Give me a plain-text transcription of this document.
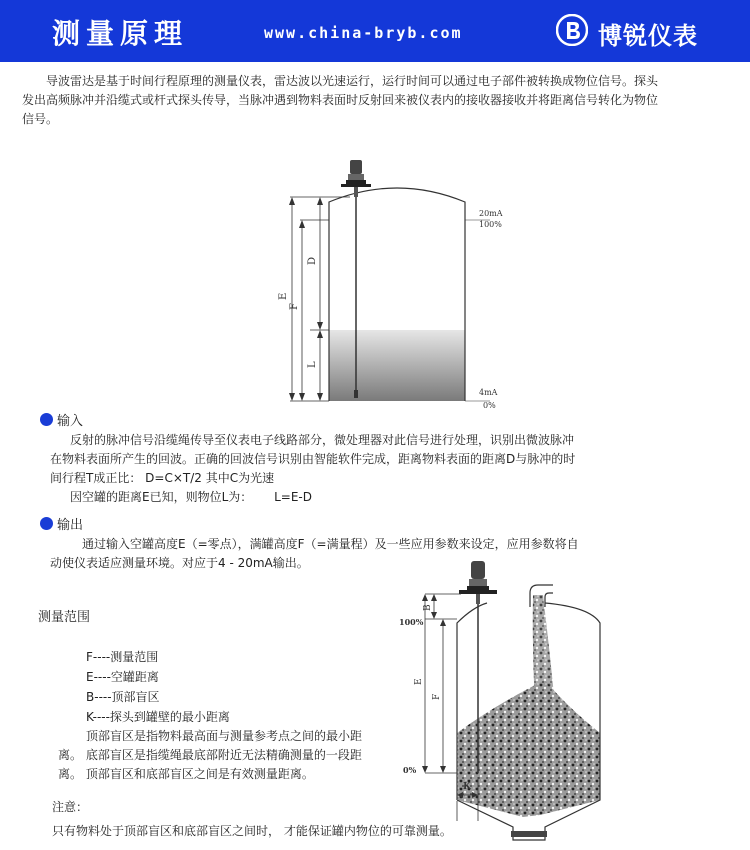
测量原理	www.china-bryb.com	博锐仪表
导波雷达是基于时间行程原理的测量仪表，雷达波以光速运行，运行时间可以通过电子部件被转换成物位信号。探头发出高频脉冲并沿缆式或杆式探头传导，当脉冲遇到物料表面时反射回来被仪表内的接收器接收并将距离信号转化为物位信号。
E
F
D
L
20mA
100%
4mA
0%
输入
反射的脉冲信号沿缆绳传导至仪表电子线路部分，微处理器对此信号进行处理，识别出微波脉冲
在物料表面所产生的回波。正确的回波信号识别由智能软件完成，距离物料表面的距离D与脉冲的时
间行程T成正比： D=C×T/2 其中C为光速
因空罐的距离E已知，则物位L为： L=E-D
输出
通过输入空罐高度E（=零点），满罐高度F（=满量程）及一些应用参数来设定，应用参数将自
动使仪表适应测量环境。对应于4 - 20mA输出。
测量范围
F----测量范围
E----空罐距离
B----顶部盲区
K----探头到罐壁的最小距离
顶部盲区是指物料最高面与测量参考点之间的最小距离。 底部盲区是指缆绳最底部附近无法精确测量的一段距离。 顶部盲区和底部盲区之间是有效测量距离。
B
E
F
100%
0%
K
注意：
只有物料处于顶部盲区和底部盲区之间时， 才能保证罐内物位的可靠测量。
